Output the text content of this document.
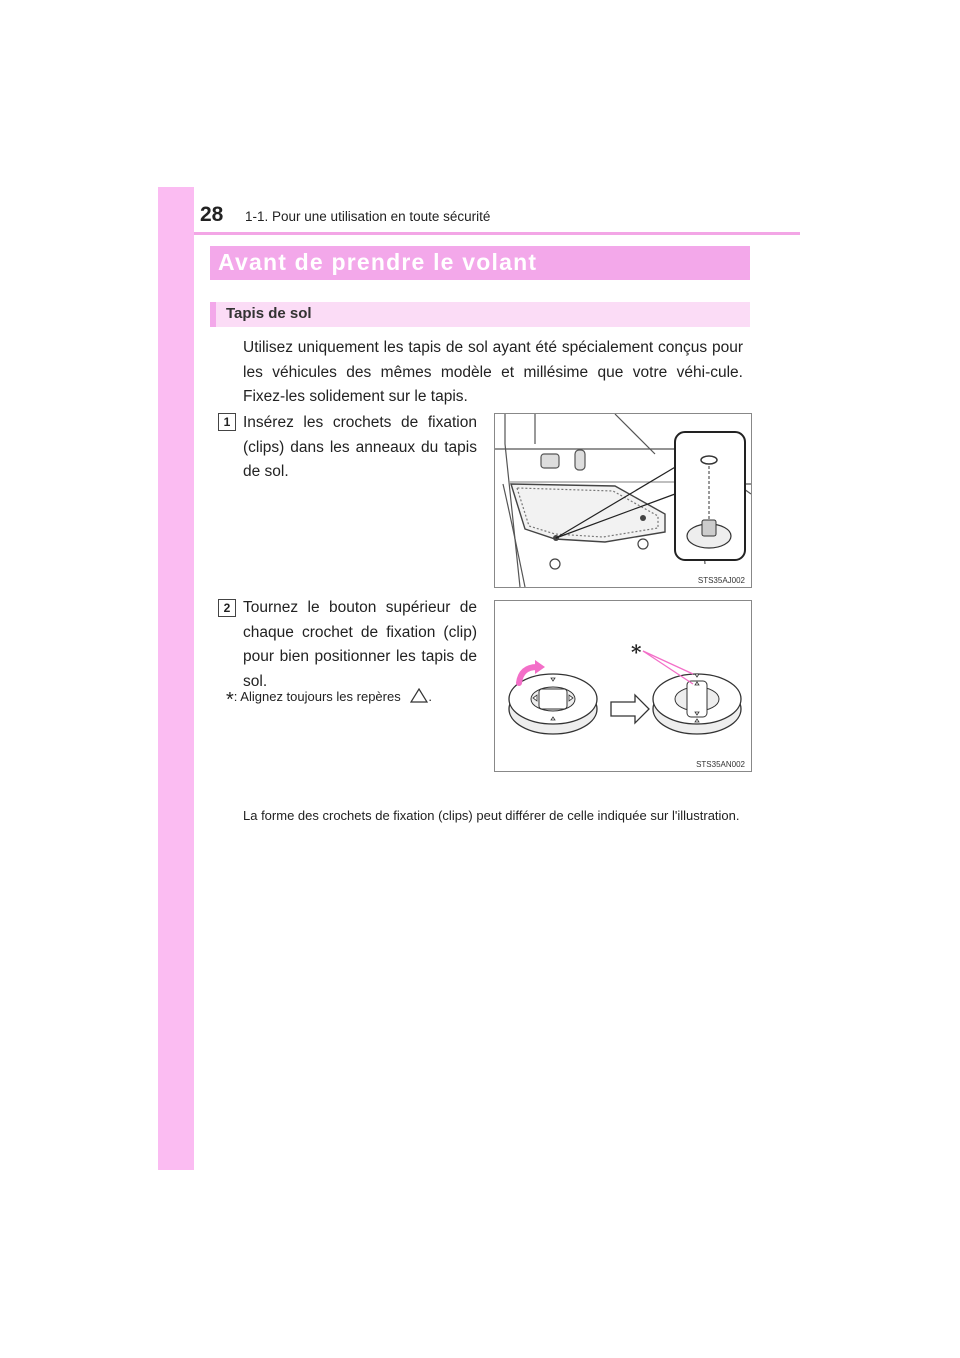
28 1-1. Pour une utilisation en toute sécurité
Avant de prendre le volant
Tapis de sol
Utilisez uniquement les tapis de sol ayant été spécialement conçus pour les véhicules des mêmes modèle et millésime que votre véhi-cule. Fixez-les solidement sur le tapis.
1 Insérez les crochets de fixation (clips) dans les anneaux du tapis de sol.
STS35AJ002
2 Tournez le bouton supérieur de chaque crochet de fixation (clip) pour bien positionner les tapis de sol.
*: Alignez toujours les repères .
*
STS35AN002
La forme des crochets de fixation (clips) peut différer de celle indiquée sur l'illustration.
